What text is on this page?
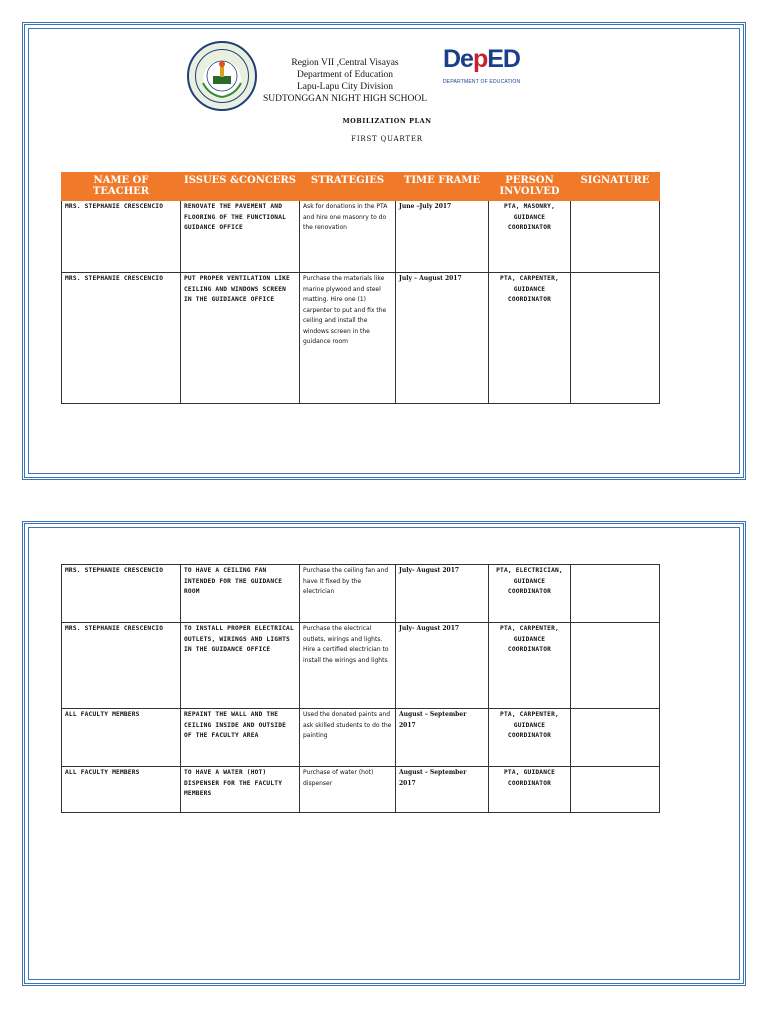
Region VII ,Central Visayas
Department of Education
Lapu-Lapu City Division
SUDTONGGAN NIGHT HIGH SCHOOL
DepED
DEPARTMENT OF EDUCATION
MOBILIZATION PLAN
FIRST QUARTER
NAME OF TEACHER	ISSUES &CONCERS	STRATEGIES	TIME FRAME	PERSON INVOLVED	SIGNATURE
MRS. STEPHANIE CRESCENCIO	RENOVATE THE PAVEMENT AND FLOORING OF THE FUNCTIONAL GUIDANCE OFFICE	Ask for donations in the PTA and hire one masonry to do the renovation	June –July 2017	PTA, MASONRY, GUIDANCE COORDINATOR	
MRS. STEPHANIE CRESCENCIO	PUT PROPER VENTILATION LIKE CEILING AND WINDOWS SCREEN IN THE GUIDIANCE OFFICE	Purchase the materials like marine plywood and steel matting. Hire one (1) carpenter to put and fix the ceiling and install the windows screen in the guidance room	July – August 2017	PTA, CARPENTER, GUIDANCE COORDINATOR	
MRS. STEPHANIE CRESCENCIO	TO HAVE A CEILING FAN INTENDED FOR THE GUIDANCE ROOM	Purchase the ceiling fan and have it fixed by the electrician	July- August 2017	PTA, ELECTRICIAN, GUIDANCE COORDINATOR	
MRS. STEPHANIE CRESCENCIO	TO INSTALL PROPER ELECTRICAL OUTLETS, WIRINGS AND LIGHTS IN THE GUIDANCE OFFICE	Purchase the electrical outlets, wirings and lights. Hire a certified electrician to install the wirings and lights	July- August 2017	PTA, CARPENTER, GUIDANCE COORDINATOR	
ALL FACULTY MEMBERS	REPAINT THE WALL AND THE CEILING INSIDE AND OUTSIDE OF THE FACULTY AREA	Used the donated paints and ask skilled students to do the painting	August – September 2017	PTA, CARPENTER, GUIDANCE COORDINATOR	
ALL FACULTY MEMBERS	TO HAVE A WATER (HOT) DISPENSER FOR THE FACULTY MEMBERS	Purchase of water (hot) dispenser	August – September 2017	PTA, GUIDANCE COORDINATOR	
